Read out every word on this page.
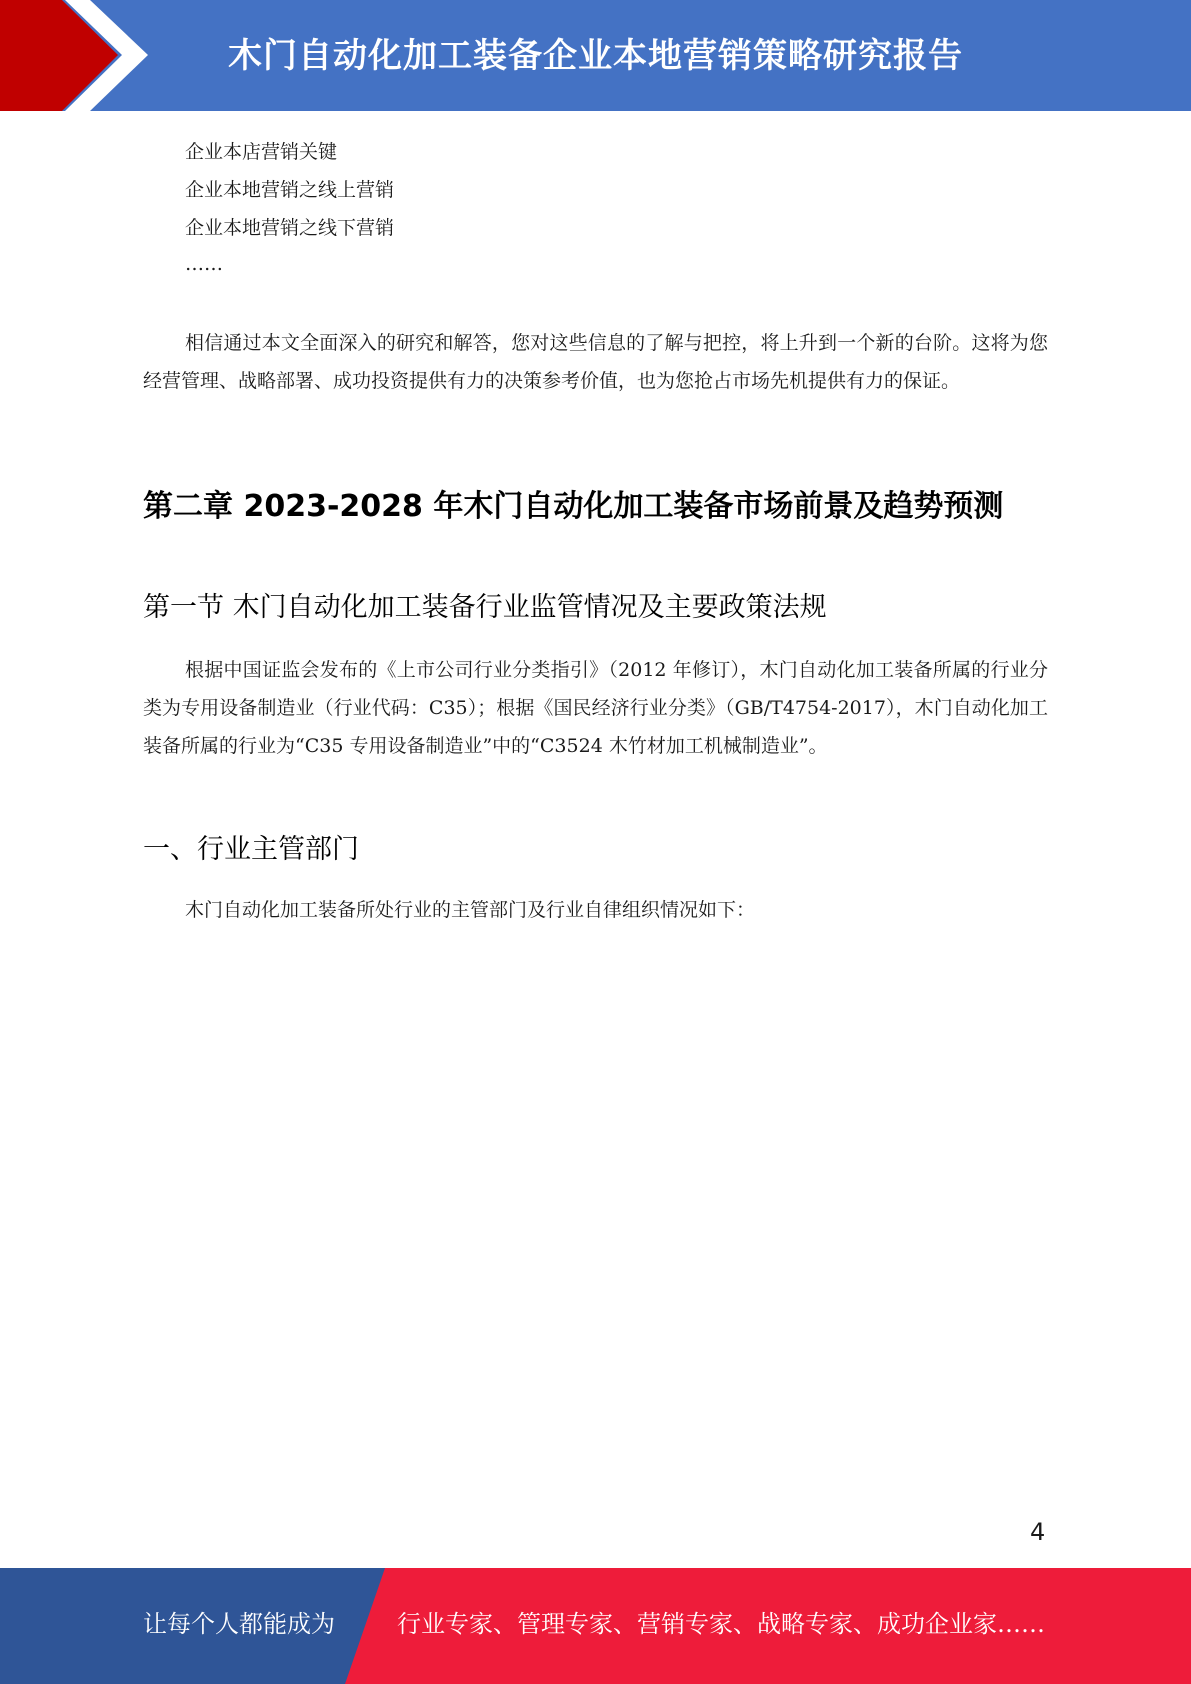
木门自动化加工装备企业本地营销策略研究报告
企业本店营销关键
企业本地营销之线上营销
企业本地营销之线下营销
……

相信通过本文全面深入的研究和解答，您对这些信息的了解与把控，将上升到一个新的台阶。这将为您经营管理、战略部署、成功投资提供有力的决策参考价值，也为您抢占市场先机提供有力的保证。

第二章 2023-2028 年木门自动化加工装备市场前景及趋势预测
第一节 木门自动化加工装备行业监管情况及主要政策法规

根据中国证监会发布的《上市公司行业分类指引》（2012 年修订），木门自动化加工装备所属的行业分类为专用设备制造业（行业代码：C35）；根据《国民经济行业分类》（GB/T4754-2017），木门自动化加工装备所属的行业为“C35 专用设备制造业”中的“C3524 木竹材加工机械制造业”。

一、行业主管部门

木门自动化加工装备所处行业的主管部门及行业自律组织情况如下：

4
让每个人都能成为	行业专家、管理专家、营销专家、战略专家、成功企业家……
